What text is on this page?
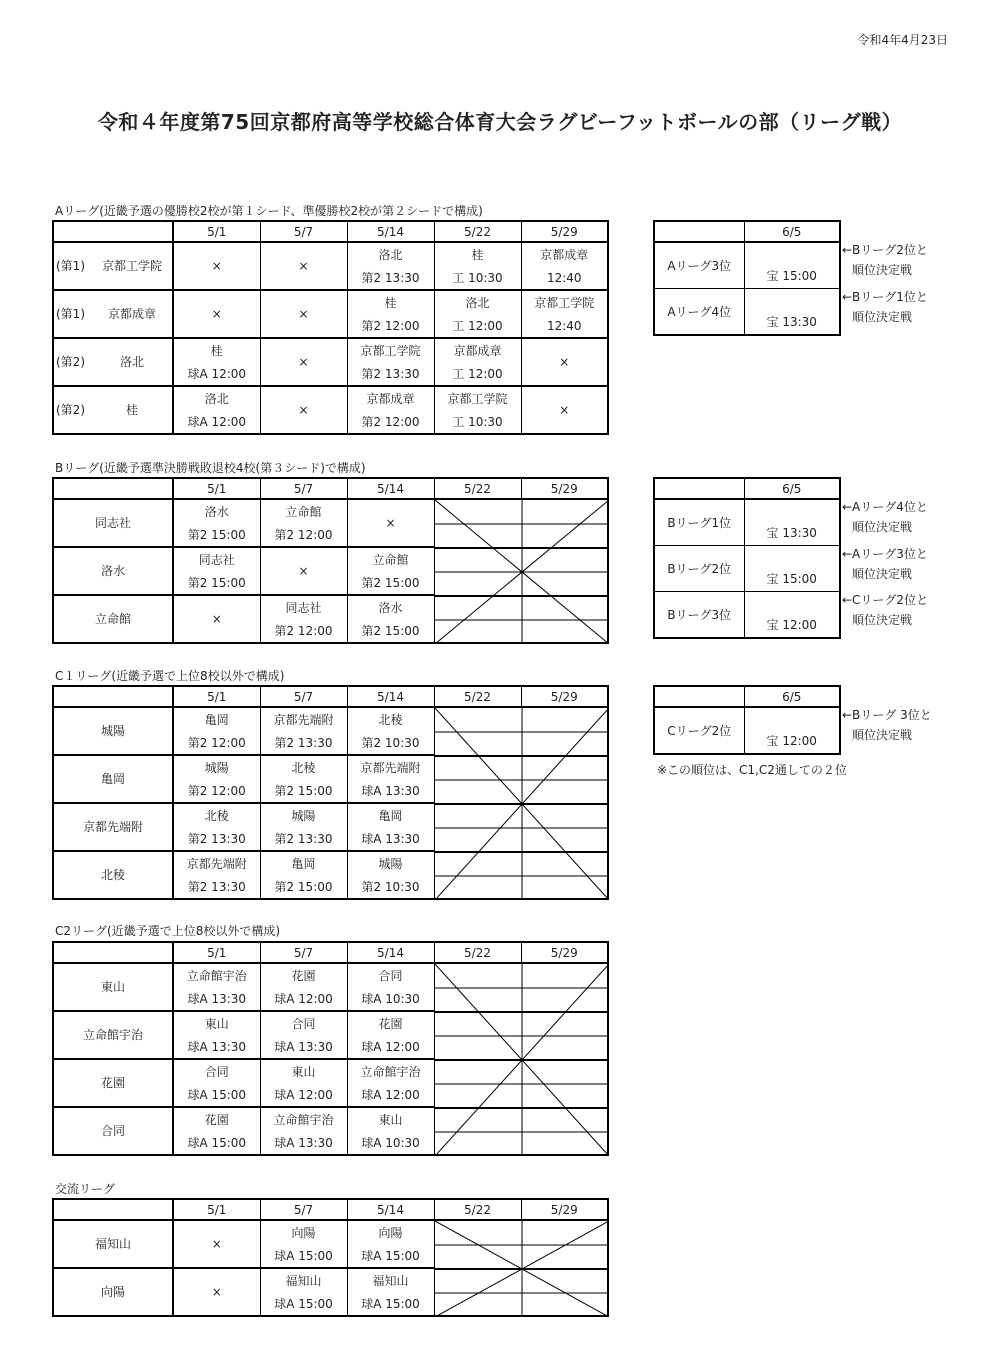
令和4年4月23日
令和４年度第75回京都府高等学校総合体育大会ラグビーフットボールの部（リーグ戦）
Aリーグ(近畿予選の優勝校2校が第１シード、準優勝校2校が第２シードで構成)
	5/1	5/7	5/14	5/22	5/29
(第1) 京都工学院	×	×	洛北	桂	京都成章
			第2 13:30	工 10:30	12:40
(第1) 京都成章	×	×	桂	洛北	京都工学院
			第2 12:00	工 12:00	12:40
(第2) 洛北	桂	×	京都工学院	京都成章	×
	球A 12:00		第2 13:30	工 12:00	
(第2) 桂	洛北	×	京都成章	京都工学院	×
	球A 12:00		第2 12:00	工 10:30	
	6/5
Aリーグ3位	宝 15:00
Aリーグ4位	宝 13:30
Bリーグ(近畿予選準決勝戦敗退校4校(第３シード)で構成)
	5/1	5/7	5/14	5/22	5/29
同志社	洛水	立命館	×	

	第2 15:00	第2 12:00			
洛水	同志社	×	立命館		
	第2 15:00		第2 15:00		
立命館	×	同志社	洛水		
		第2 12:00	第2 15:00		
	6/5
Bリーグ1位	宝 13:30
Bリーグ2位	宝 15:00
Bリーグ3位	宝 12:00
C１リーグ(近畿予選で上位8校以外で構成)
	5/1	5/7	5/14	5/22	5/29
城陽	亀岡	京都先端附	北稜	

	第2 12:00	第2 13:30	第2 10:30		
亀岡	城陽	北稜	京都先端附		
	第2 12:00	第2 15:00	球A 13:30		
京都先端附	北稜	城陽	亀岡		
	第2 13:30	第2 13:30	球A 13:30		
北稜	京都先端附	亀岡	城陽		
	第2 13:30	第2 15:00	第2 10:30		
	6/5
Cリーグ2位	宝 12:00
※この順位は、C1,C2通しての２位
C2リーグ(近畿予選で上位8校以外で構成)
	5/1	5/7	5/14	5/22	5/29
東山	立命館宇治	花園	合同	

	球A 13:30	球A 12:00	球A 10:30		
立命館宇治	東山	合同	花園		
	球A 13:30	球A 13:30	球A 12:00		
花園	合同	東山	立命館宇治		
	球A 15:00	球A 12:00	球A 12:00		
合同	花園	立命館宇治	東山		
	球A 15:00	球A 13:30	球A 10:30		
交流リーグ
	5/1	5/7	5/14	5/22	5/29
福知山	×	向陽	向陽	

		球A 15:00	球A 15:00		
向陽	×	福知山	福知山		
		球A 15:00	球A 15:00		
←Bリーグ2位と
順位決定戦
←Bリーグ1位と
順位決定戦
←Aリーグ4位と
順位決定戦
←Aリーグ3位と
順位決定戦
←Cリーグ2位と
順位決定戦
←Bリーグ 3位と
順位決定戦
